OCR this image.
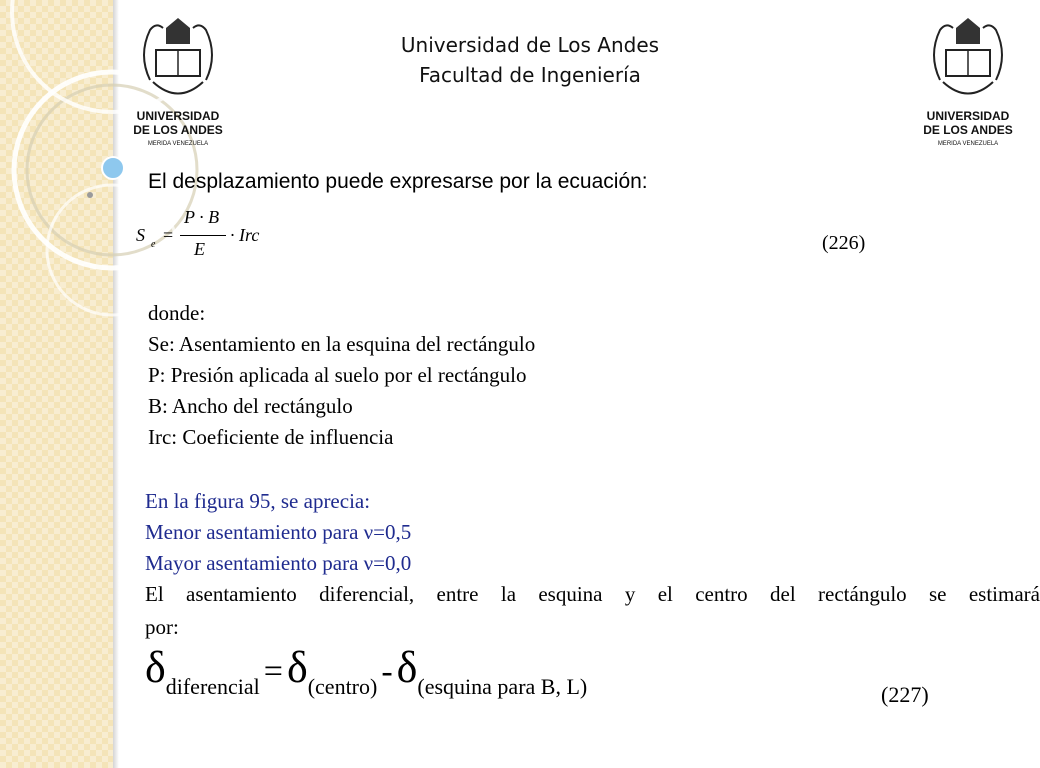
UNIVERSIDAD
DE LOS ANDES
MERIDA VENEZUELA
UNIVERSIDAD
DE LOS ANDES
MERIDA VENEZUELA
Universidad de Los Andes
Facultad de Ingeniería
El desplazamiento puede expresarse por la ecuación:
S e =
P · B
E
· Irc	(226)
donde:
Se: Asentamiento en la esquina del rectángulo
P: Presión aplicada al suelo por el rectángulo
B: Ancho del rectángulo
Irc: Coeficiente de influencia
En la figura 95, se aprecia:
Menor asentamiento para ν=0,5
Mayor asentamiento para ν=0,0
El asentamiento diferencial, entre la esquina y el centro del rectángulo se estimará
por:
δdiferencial = δ(centro) - δ(esquina para B, L)	(227)
